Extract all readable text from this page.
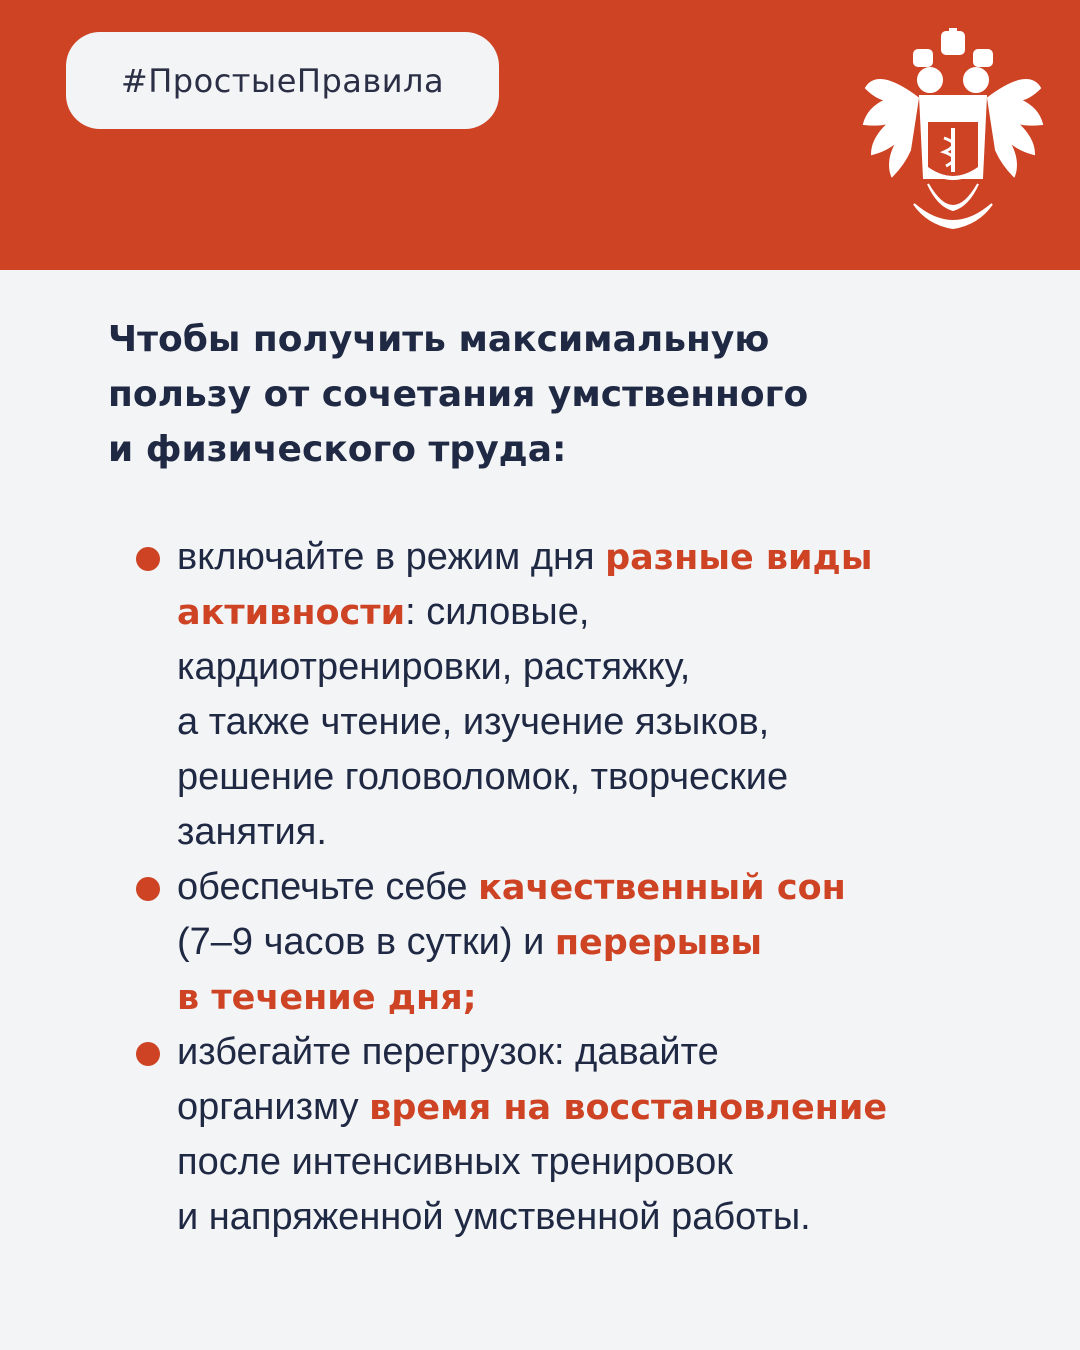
#ПростыеПравила
Чтобы получить максимальную
пользу от сочетания умственного
и физического труда:
включайте в режим дня разные виды
активности: силовые,
кардиотренировки, растяжку,
а также чтение, изучение языков,
решение головоломок, творческие
занятия.
обеспечьте себе качественный сон
(7–9 часов в сутки) и перерывы
в течение дня;
избегайте перегрузок: давайте
организму время на восстановление
после интенсивных тренировок
и напряженной умственной работы.
